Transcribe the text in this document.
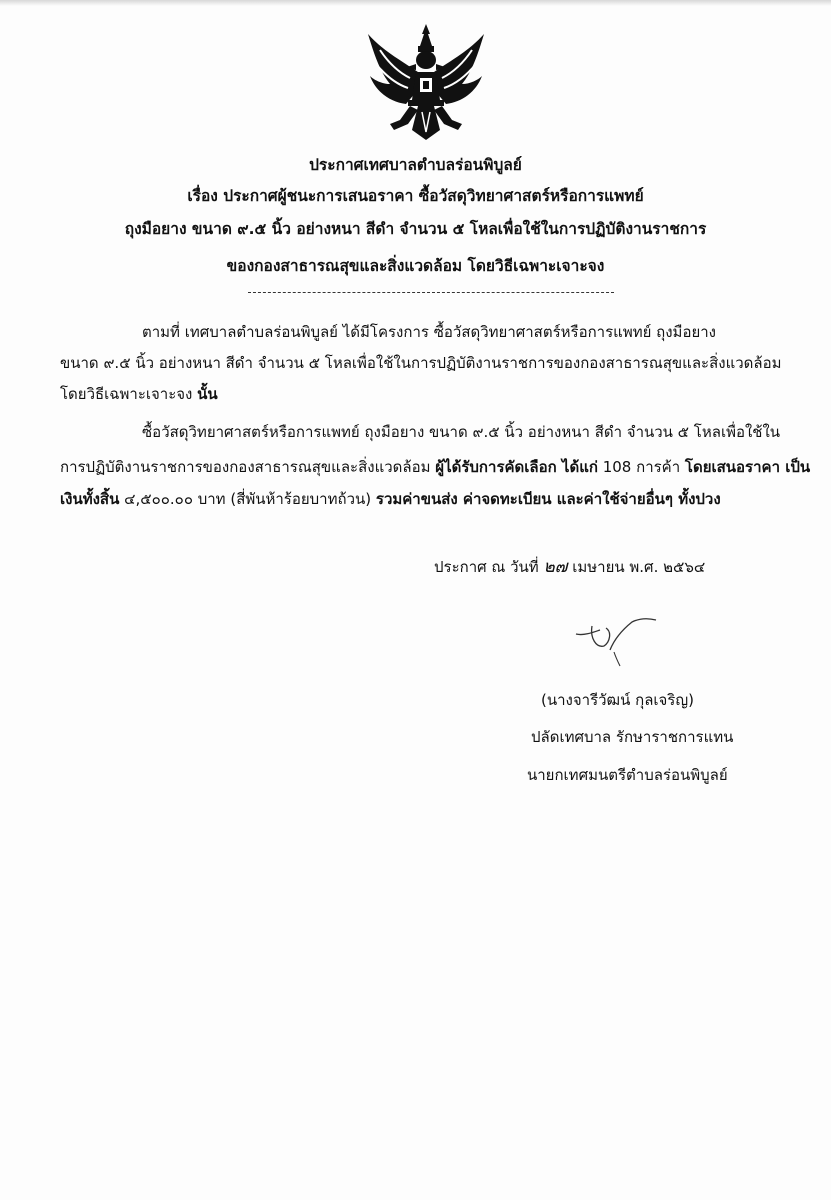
ประกาศเทศบาลตำบลร่อนพิบูลย์
เรื่อง ประกาศผู้ชนะการเสนอราคา ซื้อวัสดุวิทยาศาสตร์หรือการแพทย์
ถุงมือยาง ขนาด ๙.๕ นิ้ว อย่างหนา สีดำ จำนวน ๕ โหลเพื่อใช้ในการปฏิบัติงานราชการ
ของกองสาธารณสุขและสิ่งแวดล้อม โดยวิธีเฉพาะเจาะจง
ตามที่ เทศบาลตำบลร่อนพิบูลย์ ได้มีโครงการ ซื้อวัสดุวิทยาศาสตร์หรือการแพทย์ ถุงมือยาง
ขนาด ๙.๕ นิ้ว อย่างหนา สีดำ จำนวน ๕ โหลเพื่อใช้ในการปฏิบัติงานราชการของกองสาธารณสุขและสิ่งแวดล้อม
โดยวิธีเฉพาะเจาะจง นั้น
ซื้อวัสดุวิทยาศาสตร์หรือการแพทย์ ถุงมือยาง ขนาด ๙.๕ นิ้ว อย่างหนา สีดำ จำนวน ๕ โหลเพื่อใช้ใน
การปฏิบัติงานราชการของกองสาธารณสุขและสิ่งแวดล้อม ผู้ได้รับการคัดเลือก ได้แก่ 108 การค้า โดยเสนอราคา เป็น
เงินทั้งสิ้น ๔,๕๐๐.๐๐ บาท (สี่พันห้าร้อยบาทถ้วน) รวมค่าขนส่ง ค่าจดทะเบียน และค่าใช้จ่ายอื่นๆ ทั้งปวง
ประกาศ ณ วันที่ ๒๗ เมษายน พ.ศ. ๒๕๖๔
(นางจารีวัฒน์ กุลเจริญ)
ปลัดเทศบาล รักษาราชการแทน
นายกเทศมนตรีตำบลร่อนพิบูลย์
